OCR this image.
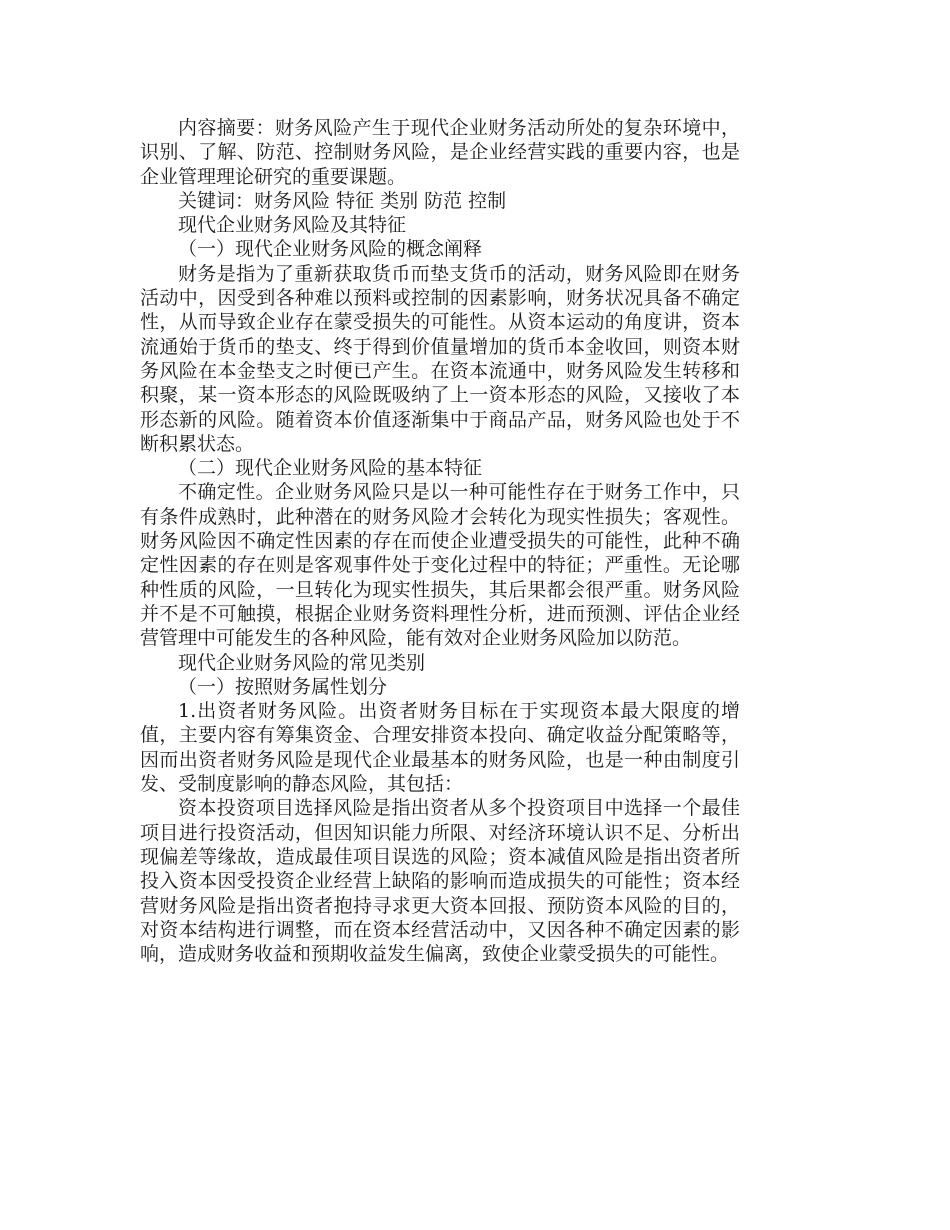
内容摘要：财务风险产生于现代企业财务活动所处的复杂环境中，识别、了解、防范、控制财务风险，是企业经营实践的重要内容，也是企业管理理论研究的重要课题。

关键词：财务风险 特征 类别 防范 控制

现代企业财务风险及其特征

（一）现代企业财务风险的概念阐释

财务是指为了重新获取货币而垫支货币的活动，财务风险即在财务活动中，因受到各种难以预料或控制的因素影响，财务状况具备不确定性，从而导致企业存在蒙受损失的可能性。从资本运动的角度讲，资本流通始于货币的垫支、终于得到价值量增加的货币本金收回，则资本财务风险在本金垫支之时便已产生。在资本流通中，财务风险发生转移和积聚，某一资本形态的风险既吸纳了上一资本形态的风险，又接收了本形态新的风险。随着资本价值逐渐集中于商品产品，财务风险也处于不断积累状态。

（二）现代企业财务风险的基本特征

不确定性。企业财务风险只是以一种可能性存在于财务工作中，只有条件成熟时，此种潜在的财务风险才会转化为现实性损失；客观性。财务风险因不确定性因素的存在而使企业遭受损失的可能性，此种不确定性因素的存在则是客观事件处于变化过程中的特征；严重性。无论哪种性质的风险，一旦转化为现实性损失，其后果都会很严重。财务风险并不是不可触摸，根据企业财务资料理性分析，进而预测、评估企业经营管理中可能发生的各种风险，能有效对企业财务风险加以防范。

现代企业财务风险的常见类别

（一）按照财务属性划分

1.出资者财务风险。出资者财务目标在于实现资本最大限度的增值，主要内容有筹集资金、合理安排资本投向、确定收益分配策略等，因而出资者财务风险是现代企业最基本的财务风险，也是一种由制度引发、受制度影响的静态风险，其包括：

资本投资项目选择风险是指出资者从多个投资项目中选择一个最佳项目进行投资活动，但因知识能力所限、对经济环境认识不足、分析出现偏差等缘故，造成最佳项目误选的风险；资本减值风险是指出资者所投入资本因受投资企业经营上缺陷的影响而造成损失的可能性；资本经营财务风险是指出资者抱持寻求更大资本回报、预防资本风险的目的，对资本结构进行调整，而在资本经营活动中，又因各种不确定因素的影响，造成财务收益和预期收益发生偏离，致使企业蒙受损失的可能性。
